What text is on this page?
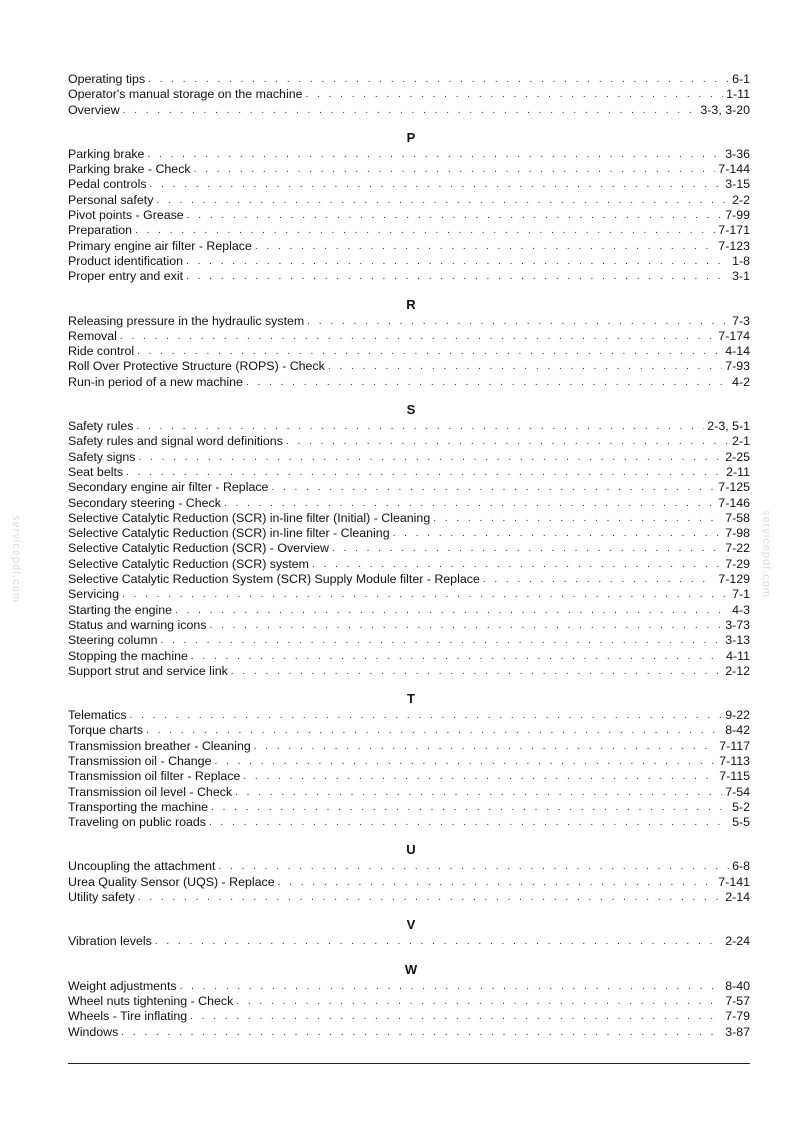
Operating tips . . .	6-1
Operator's manual storage on the machine . . .	1-11
Overview . . .	3-3, 3-20
P
Parking brake . . .	3-36
Parking brake - Check . . .	7-144
Pedal controls . . .	3-15
Personal safety . . .	2-2
Pivot points - Grease . . .	7-99
Preparation . . .	7-171
Primary engine air filter - Replace . . .	7-123
Product identification . . .	1-8
Proper entry and exit . . .	3-1
R
Releasing pressure in the hydraulic system . . .	7-3
Removal . . .	7-174
Ride control . . .	4-14
Roll Over Protective Structure (ROPS) - Check . . .	7-93
Run-in period of a new machine . . .	4-2
S
Safety rules . . .	2-3, 5-1
Safety rules and signal word definitions . . .	2-1
Safety signs . . .	2-25
Seat belts . . .	2-11
Secondary engine air filter - Replace . . .	7-125
Secondary steering - Check . . .	7-146
Selective Catalytic Reduction (SCR) in-line filter (Initial) - Cleaning . . .	7-58
Selective Catalytic Reduction (SCR) in-line filter - Cleaning . . .	7-98
Selective Catalytic Reduction (SCR) - Overview . . .	7-22
Selective Catalytic Reduction (SCR) system . . .	7-29
Selective Catalytic Reduction System (SCR) Supply Module filter - Replace . . .	7-129
Servicing . . .	7-1
Starting the engine . . .	4-3
Status and warning icons . . .	3-73
Steering column . . .	3-13
Stopping the machine . . .	4-11
Support strut and service link . . .	2-12
T
Telematics . . .	9-22
Torque charts . . .	8-42
Transmission breather - Cleaning . . .	7-117
Transmission oil - Change . . .	7-113
Transmission oil filter - Replace . . .	7-115
Transmission oil level - Check . . .	7-54
Transporting the machine . . .	5-2
Traveling on public roads . . .	5-5
U
Uncoupling the attachment . . .	6-8
Urea Quality Sensor (UQS) - Replace . . .	7-141
Utility safety . . .	2-14
V
Vibration levels . . .	2-24
W
Weight adjustments . . .	8-40
Wheel nuts tightening - Check . . .	7-57
Wheels - Tire inflating . . .	7-79
Windows . . .	3-87
servicepdf.com	servicepdf.com
